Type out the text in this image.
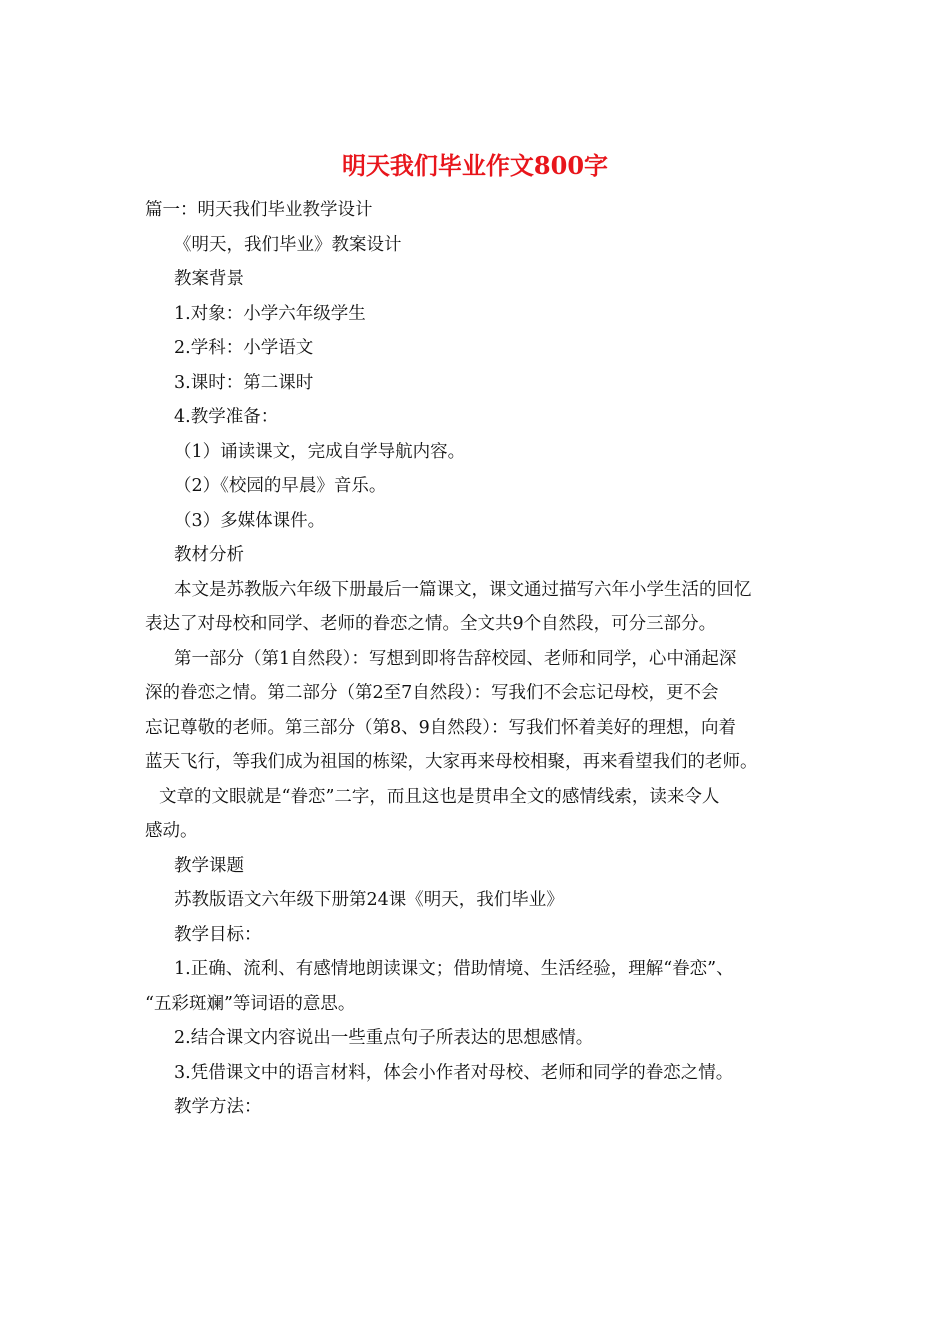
明天我们毕业作文800字

篇一：明天我们毕业教学设计

《明天，我们毕业》教案设计

教案背景

1.对象：小学六年级学生

2.学科：小学语文

3.课时：第二课时

4.教学准备：

（1）诵读课文，完成自学导航内容。

（2）《校园的早晨》音乐。

（3）多媒体课件。

教材分析

本文是苏教版六年级下册最后一篇课文，课文通过描写六年小学生活的回忆

表达了对母校和同学、老师的眷恋之情。全文共9个自然段，可分三部分。

第一部分（第1自然段）：写想到即将告辞校园、老师和同学，心中涌起深

深的眷恋之情。第二部分（第2至7自然段）：写我们不会忘记母校，更不会

忘记尊敬的老师。第三部分（第8、9自然段）：写我们怀着美好的理想，向着

蓝天飞行，等我们成为祖国的栋梁，大家再来母校相聚，再来看望我们的老师。

文章的文眼就是“眷恋”二字，而且这也是贯串全文的感情线索，读来令人

感动。

教学课题

苏教版语文六年级下册第24课《明天，我们毕业》

教学目标：

1.正确、流利、有感情地朗读课文；借助情境、生活经验，理解“眷恋”、

“五彩斑斓”等词语的意思。

2.结合课文内容说出一些重点句子所表达的思想感情。

3.凭借课文中的语言材料，体会小作者对母校、老师和同学的眷恋之情。

教学方法：
